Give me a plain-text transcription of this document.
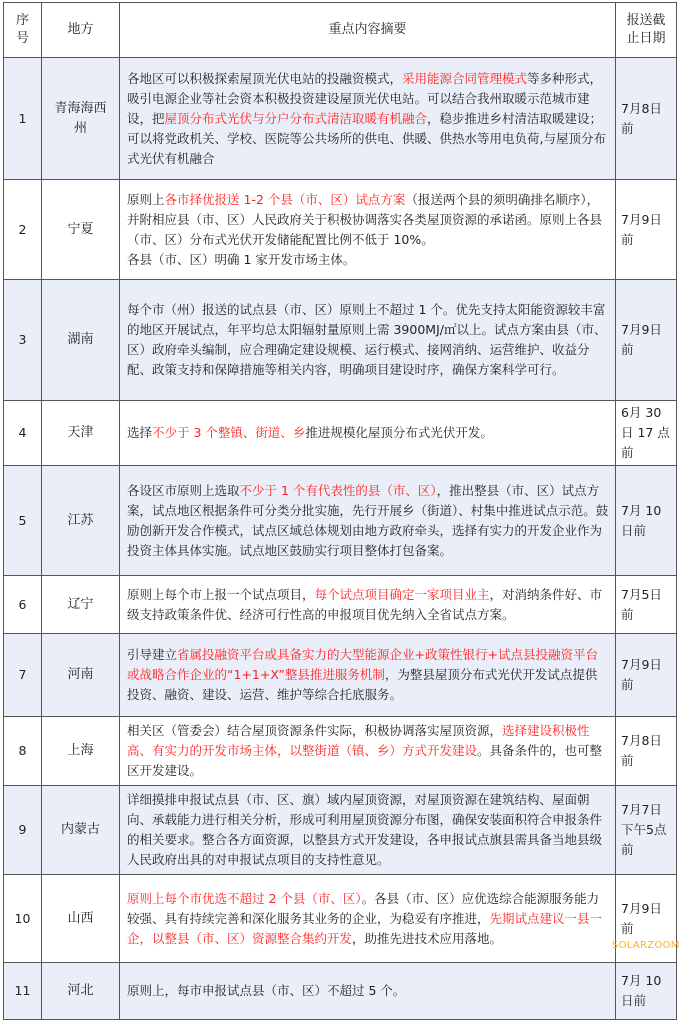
序
号	地方	重点内容摘要	报送截
止日期
1	青海海西
州	各地区可以积极探索屋顶光伏电站的投融资模式，采用能源合同管理模式等多种形式，吸引电源企业等社会资本积极投资建设屋顶光伏电站。可以结合我州取暖示范城市建设，把屋顶分布式光伏与分户分布式清洁取暖有机融合，稳步推进乡村清洁取暖建设；可以将党政机关、学校、医院等公共场所的供电、供暖、供热水等用电负荷,与屋顶分布式光伏有机融合	7月8日前
2	宁夏	原则上各市择优报送 1-2 个县（市、区）试点方案（报送两个县的须明确排名顺序），并附相应县（市、区）人民政府关于积极协调落实各类屋顶资源的承诺函。原则上各县（市、区）分布式光伏开发储能配置比例不低于 10%。
各县（市、区）明确 1 家开发市场主体。	7月9日前
3	湖南	每个市（州）报送的试点县（市、区）原则上不超过 1 个。优先支持太阳能资源较丰富的地区开展试点，年平均总太阳辐射量原则上需 3900MJ/㎡以上。试点方案由县（市、区）政府牵头编制，应合理确定建设规模、运行模式、接网消纳、运营维护、收益分配、政策支持和保障措施等相关内容，明确项目建设时序，确保方案科学可行。	7月9日前
4	天津	选择不少于 3 个整镇、街道、乡推进规模化屋顶分布式光伏开发。	6月 30日 17 点前
5	江苏	各设区市原则上选取不少于 1 个有代表性的县（市、区），推出整县（市、区）试点方案，试点地区根据条件可分类分批实施，先行开展乡（街道）、村集中推进试点示范。鼓励创新开发合作模式，试点区域总体规划由地方政府牵头，选择有实力的开发企业作为投资主体具体实施。试点地区鼓励实行项目整体打包备案。	7月 10日前
6	辽宁	原则上每个市上报一个试点项目，每个试点项目确定一家项目业主，对消纳条件好、市级支持政策条件优、经济可行性高的申报项目优先纳入全省试点方案。	7月5日前
7	河南	引导建立省属投融资平台或具备实力的大型能源企业+政策性银行+试点县投融资平台或战略合作企业的“1+1+X”整县推进服务机制，为整县屋顶分布式光伏开发试点提供投资、融资、建设、运营、维护等综合托底服务。	7月9日前
8	上海	相关区（管委会）结合屋顶资源条件实际，积极协调落实屋顶资源，选择建设积极性高、有实力的开发市场主体，以整街道（镇、乡）方式开发建设。具备条件的，也可整区开发建设。	7月8日前
9	内蒙古	详细摸排申报试点县（市、区、旗）域内屋顶资源，对屋顶资源在建筑结构、屋面朝向、承载能力进行相关分析，形成可利用屋顶资源分布图，确保安装面积符合申报条件的相关要求。整合各方面资源，以整县方式开发建设，各申报试点旗县需具备当地县级人民政府出具的对申报试点项目的支持性意见。	7月7日下午5点前
10	山西	原则上每个市优选不超过 2 个县（市、区）。各县（市、区）应优选综合能源服务能力较强、具有持续完善和深化服务其业务的企业，为稳妥有序推进，先期试点建议一县一企，以整县（市、区）资源整合集约开发，助推先进技术应用落地。	7月9日前
11	河北	原则上，每市申报试点县（市、区）不超过 5 个。	7月 10日前
SOLARZOOM
